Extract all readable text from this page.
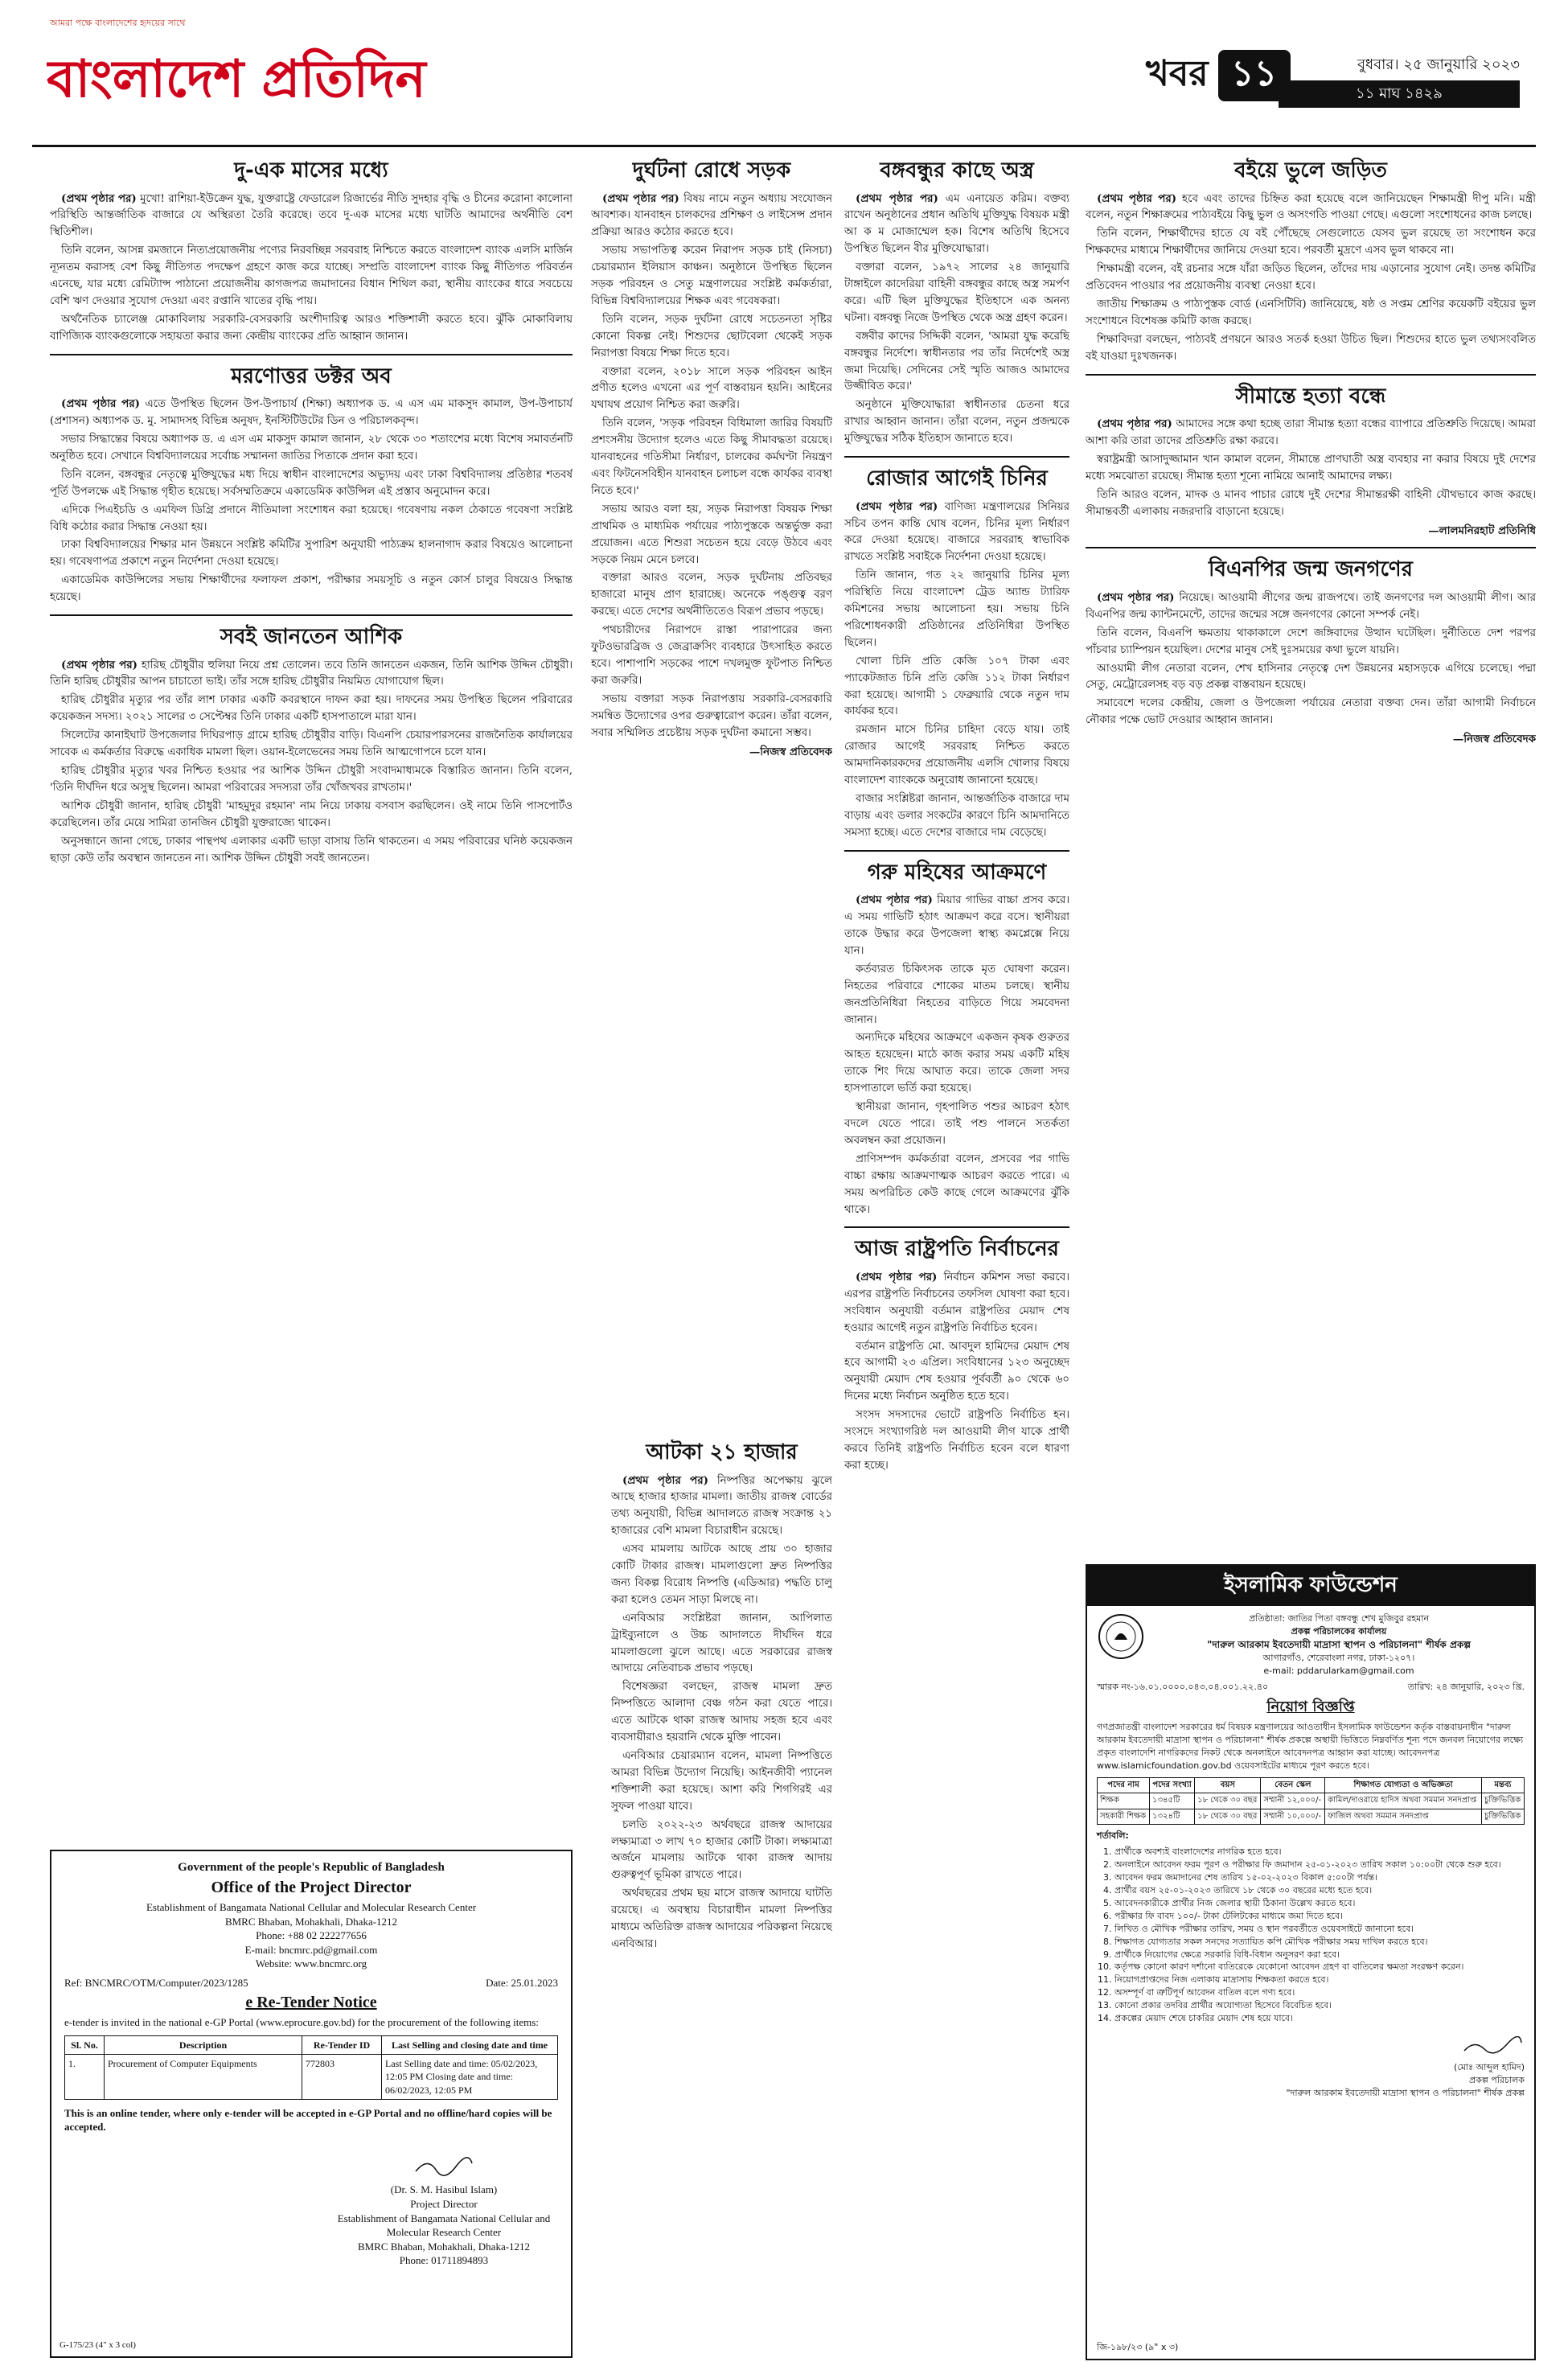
আমরা পক্ষে বাংলাদেশের হৃদয়ের সাথে
বাংলাদেশ প্রতিদিন	খবর ১১	বুধবার। ২৫ জানুয়ারি ২০২৩
১১ মাঘ ১৪২৯
দু-এক মাসের মধ্যে

(প্রথম পৃষ্ঠার পর) মুখো! রাশিয়া-ইউক্রেন যুদ্ধ, যুক্তরাষ্ট্রে ফেডারেল রিজার্ভের নীতি সুদহার বৃদ্ধি ও চীনের করোনা কালোনা পরিস্থিতি আন্তর্জাতিক বাজারে যে অস্থিরতা তৈরি করেছে। তবে দু-এক মাসের মধ্যে ঘাটতি আমাদের অর্থনীতি বেশ স্থিতিশীল।

তিনি বলেন, আসন্ন রমজানে নিত্যপ্রয়োজনীয় পণ্যের নিরবচ্ছিন্ন সরবরাহ নিশ্চিতে করতে বাংলাদেশ ব্যাংক এলসি মার্জিন ন্যূনতম করাসহ বেশ কিছু নীতিগত পদক্ষেপ গ্রহণে কাজ করে যাচ্ছে। সম্প্রতি বাংলাদেশ ব্যাংক কিছু নীতিগত পরিবর্তন এনেছে, যার মধ্যে রেমিট্যান্স পাঠানো প্রয়োজনীয় কাগজপত্র জমাদানের বিধান শিথিল করা, স্থানীয় ব্যাংকের ধারে সবচেয়ে বেশি ঋণ দেওয়ার সুযোগ দেওয়া এবং রপ্তানি খাতের বৃদ্ধি পায়।

অর্থনৈতিক চ্যালেঞ্জ মোকাবিলায় সরকারি-বেসরকারি অংশীদারিত্ব আরও শক্তিশালী করতে হবে। ঝুঁকি মোকাবিলায় বাণিজ্যিক ব্যাংকগুলোকে সহায়তা করার জন্য কেন্দ্রীয় ব্যাংকের প্রতি আহ্বান জানান।

মরণোত্তর ডক্টর অব

(প্রথম পৃষ্ঠার পর) এতে উপস্থিত ছিলেন উপ-উপাচার্য (শিক্ষা) অধ্যাপক ড. এ এস এম মাকসুদ কামাল, উপ-উপাচার্য (প্রশাসন) অধ্যাপক ড. মু. সামাদসহ বিভিন্ন অনুষদ, ইনস্টিটিউটের ডিন ও পরিচালকবৃন্দ।

সভার সিদ্ধান্তের বিষয়ে অধ্যাপক ড. এ এস এম মাকসুদ কামাল জানান, ২৮ থেকে ৩০ শতাংশের মধ্যে বিশেষ সমাবর্তনটি অনুষ্ঠিত হবে। সেখানে বিশ্ববিদ্যালয়ের সর্বোচ্চ সম্মাননা জাতির পিতাকে প্রদান করা হবে।

তিনি বলেন, বঙ্গবন্ধুর নেতৃত্বে মুক্তিযুদ্ধের মধ্য দিয়ে স্বাধীন বাংলাদেশের অভ্যুদয় এবং ঢাকা বিশ্ববিদ্যালয় প্রতিষ্ঠার শতবর্ষ পূর্তি উপলক্ষে এই সিদ্ধান্ত গৃহীত হয়েছে। সর্বসম্মতিক্রমে একাডেমিক কাউন্সিল এই প্রস্তাব অনুমোদন করে।

এদিকে পিএইচডি ও এমফিল ডিগ্রি প্রদানে নীতিমালা সংশোধন করা হয়েছে। গবেষণায় নকল ঠেকাতে গবেষণা সংশ্লিষ্ট বিধি কঠোর করার সিদ্ধান্ত নেওয়া হয়।

ঢাকা বিশ্ববিদ্যালয়ের শিক্ষার মান উন্নয়নে সংশ্লিষ্ট কমিটির সুপারিশ অনুযায়ী পাঠ্যক্রম হালনাগাদ করার বিষয়েও আলোচনা হয়। গবেষণাপত্র প্রকাশে নতুন নির্দেশনা দেওয়া হয়েছে।

একাডেমিক কাউন্সিলের সভায় শিক্ষার্থীদের ফলাফল প্রকাশ, পরীক্ষার সময়সূচি ও নতুন কোর্স চালুর বিষয়েও সিদ্ধান্ত হয়েছে।

সবই জানতেন আশিক

(প্রথম পৃষ্ঠার পর) হারিছ চৌধুরীর হুলিয়া নিয়ে প্রশ্ন তোলেন। তবে তিনি জানতেন একজন, তিনি আশিক উদ্দিন চৌধুরী। তিনি হারিছ চৌধুরীর আপন চাচাতো ভাই। তাঁর সঙ্গে হারিছ চৌধুরীর নিয়মিত যোগাযোগ ছিল।

হারিছ চৌধুরীর মৃত্যুর পর তাঁর লাশ ঢাকার একটি কবরস্থানে দাফন করা হয়। দাফনের সময় উপস্থিত ছিলেন পরিবারের কয়েকজন সদস্য। ২০২১ সালের ৩ সেপ্টেম্বর তিনি ঢাকার একটি হাসপাতালে মারা যান।

সিলেটের কানাইঘাট উপজেলার দিঘিরপাড় গ্রামে হারিছ চৌধুরীর বাড়ি। বিএনপি চেয়ারপারসনের রাজনৈতিক কার্যালয়ের সাবেক এ কর্মকর্তার বিরুদ্ধে একাধিক মামলা ছিল। ওয়ান-ইলেভেনের সময় তিনি আত্মগোপনে চলে যান।

হারিছ চৌধুরীর মৃত্যুর খবর নিশ্চিত হওয়ার পর আশিক উদ্দিন চৌধুরী সংবাদমাধ্যমকে বিস্তারিত জানান। তিনি বলেন, 'তিনি দীর্ঘদিন ধরে অসুস্থ ছিলেন। আমরা পরিবারের সদস্যরা তাঁর খোঁজখবর রাখতাম।'

আশিক চৌধুরী জানান, হারিছ চৌধুরী 'মাহমুদুর রহমান' নাম নিয়ে ঢাকায় বসবাস করছিলেন। ওই নামে তিনি পাসপোর্টও করেছিলেন। তাঁর মেয়ে সামিরা তানজিন চৌধুরী যুক্তরাজ্যে থাকেন।

অনুসন্ধানে জানা গেছে, ঢাকার পান্থপথ এলাকার একটি ভাড়া বাসায় তিনি থাকতেন। এ সময় পরিবারের ঘনিষ্ঠ কয়েকজন ছাড়া কেউ তাঁর অবস্থান জানতেন না। আশিক উদ্দিন চৌধুরী সবই জানতেন।

দুর্ঘটনা রোধে সড়ক

(প্রথম পৃষ্ঠার পর) বিষয় নামে নতুন অধ্যায় সংযোজন আবশ্যক। যানবাহন চালকদের প্রশিক্ষণ ও লাইসেন্স প্রদান প্রক্রিয়া আরও কঠোর করতে হবে।

সভায় সভাপতিত্ব করেন নিরাপদ সড়ক চাই (নিসচা) চেয়ারম্যান ইলিয়াস কাঞ্চন। অনুষ্ঠানে উপস্থিত ছিলেন সড়ক পরিবহন ও সেতু মন্ত্রণালয়ের সংশ্লিষ্ট কর্মকর্তারা, বিভিন্ন বিশ্ববিদ্যালয়ের শিক্ষক এবং গবেষকরা।

তিনি বলেন, সড়ক দুর্ঘটনা রোধে সচেতনতা সৃষ্টির কোনো বিকল্প নেই। শিশুদের ছোটবেলা থেকেই সড়ক নিরাপত্তা বিষয়ে শিক্ষা দিতে হবে।

বক্তারা বলেন, ২০১৮ সালে সড়ক পরিবহন আইন প্রণীত হলেও এখনো এর পূর্ণ বাস্তবায়ন হয়নি। আইনের যথাযথ প্রয়োগ নিশ্চিত করা জরুরি।

তিনি বলেন, 'সড়ক পরিবহন বিধিমালা জারির বিষয়টি প্রশংসনীয় উদ্যোগ হলেও এতে কিছু সীমাবদ্ধতা রয়েছে। যানবাহনের গতিসীমা নির্ধারণ, চালকের কর্মঘণ্টা নিয়ন্ত্রণ এবং ফিটনেসবিহীন যানবাহন চলাচল বন্ধে কার্যকর ব্যবস্থা নিতে হবে।'

সভায় আরও বলা হয়, সড়ক নিরাপত্তা বিষয়ক শিক্ষা প্রাথমিক ও মাধ্যমিক পর্যায়ের পাঠ্যপুস্তকে অন্তর্ভুক্ত করা প্রয়োজন। এতে শিশুরা সচেতন হয়ে বেড়ে উঠবে এবং সড়কে নিয়ম মেনে চলবে।

বক্তারা আরও বলেন, সড়ক দুর্ঘটনায় প্রতিবছর হাজারো মানুষ প্রাণ হারাচ্ছে। অনেকে পঙ্গুত্ব বরণ করছে। এতে দেশের অর্থনীতিতেও বিরূপ প্রভাব পড়ছে।

পথচারীদের নিরাপদে রাস্তা পারাপারের জন্য ফুটওভারব্রিজ ও জেব্রাক্রসিং ব্যবহারে উৎসাহিত করতে হবে। পাশাপাশি সড়কের পাশে দখলমুক্ত ফুটপাত নিশ্চিত করা জরুরি।

সভায় বক্তারা সড়ক নিরাপত্তায় সরকারি-বেসরকারি সমন্বিত উদ্যোগের ওপর গুরুত্বারোপ করেন। তাঁরা বলেন, সবার সম্মিলিত প্রচেষ্টায় সড়ক দুর্ঘটনা কমানো সম্ভব।

—নিজস্ব প্রতিবেদক

আটকা ২১ হাজার

(প্রথম পৃষ্ঠার পর) নিষ্পত্তির অপেক্ষায় ঝুলে আছে হাজার হাজার মামলা। জাতীয় রাজস্ব বোর্ডের তথ্য অনুযায়ী, বিভিন্ন আদালতে রাজস্ব সংক্রান্ত ২১ হাজারের বেশি মামলা বিচারাধীন রয়েছে।

এসব মামলায় আটকে আছে প্রায় ৩০ হাজার কোটি টাকার রাজস্ব। মামলাগুলো দ্রুত নিষ্পত্তির জন্য বিকল্প বিরোধ নিষ্পত্তি (এডিআর) পদ্ধতি চালু করা হলেও তেমন সাড়া মিলছে না।

এনবিআর সংশ্লিষ্টরা জানান, আপিলাত ট্রাইব্যুনালে ও উচ্চ আদালতে দীর্ঘদিন ধরে মামলাগুলো ঝুলে আছে। এতে সরকারের রাজস্ব আদায়ে নেতিবাচক প্রভাব পড়ছে।

বিশেষজ্ঞরা বলছেন, রাজস্ব মামলা দ্রুত নিষ্পত্তিতে আলাদা বেঞ্চ গঠন করা যেতে পারে। এতে আটকে থাকা রাজস্ব আদায় সহজ হবে এবং ব্যবসায়ীরাও হয়রানি থেকে মুক্তি পাবেন।

এনবিআর চেয়ারম্যান বলেন, মামলা নিষ্পত্তিতে আমরা বিভিন্ন উদ্যোগ নিয়েছি। আইনজীবী প্যানেল শক্তিশালী করা হয়েছে। আশা করি শিগগিরই এর সুফল পাওয়া যাবে।

চলতি ২০২২-২৩ অর্থবছরে রাজস্ব আদায়ের লক্ষ্যমাত্রা ৩ লাখ ৭০ হাজার কোটি টাকা। লক্ষ্যমাত্রা অর্জনে মামলায় আটকে থাকা রাজস্ব আদায় গুরুত্বপূর্ণ ভূমিকা রাখতে পারে।

অর্থবছরের প্রথম ছয় মাসে রাজস্ব আদায়ে ঘাটতি রয়েছে। এ অবস্থায় বিচারাধীন মামলা নিষ্পত্তির মাধ্যমে অতিরিক্ত রাজস্ব আদায়ের পরিকল্পনা নিয়েছে এনবিআর।

বঙ্গবন্ধুর কাছে অস্ত্র

(প্রথম পৃষ্ঠার পর) এম এনায়েত করিম। বক্তব্য রাখেন অনুষ্ঠানের প্রধান অতিথি মুক্তিযুদ্ধ বিষয়ক মন্ত্রী আ ক ম মোজাম্মেল হক। বিশেষ অতিথি হিসেবে উপস্থিত ছিলেন বীর মুক্তিযোদ্ধারা।

বক্তারা বলেন, ১৯৭২ সালের ২৪ জানুয়ারি টাঙ্গাইলে কাদেরিয়া বাহিনী বঙ্গবন্ধুর কাছে অস্ত্র সমর্পণ করে। এটি ছিল মুক্তিযুদ্ধের ইতিহাসে এক অনন্য ঘটনা। বঙ্গবন্ধু নিজে উপস্থিত থেকে অস্ত্র গ্রহণ করেন।

বঙ্গবীর কাদের সিদ্দিকী বলেন, 'আমরা যুদ্ধ করেছি বঙ্গবন্ধুর নির্দেশে। স্বাধীনতার পর তাঁর নির্দেশেই অস্ত্র জমা দিয়েছি। সেদিনের সেই স্মৃতি আজও আমাদের উজ্জীবিত করে।'

অনুষ্ঠানে মুক্তিযোদ্ধারা স্বাধীনতার চেতনা ধরে রাখার আহ্বান জানান। তাঁরা বলেন, নতুন প্রজন্মকে মুক্তিযুদ্ধের সঠিক ইতিহাস জানাতে হবে।

রোজার আগেই চিনির

(প্রথম পৃষ্ঠার পর) বাণিজ্য মন্ত্রণালয়ের সিনিয়র সচিব তপন কান্তি ঘোষ বলেন, চিনির মূল্য নির্ধারণ করে দেওয়া হয়েছে। বাজারে সরবরাহ স্বাভাবিক রাখতে সংশ্লিষ্ট সবাইকে নির্দেশনা দেওয়া হয়েছে।

তিনি জানান, গত ২২ জানুয়ারি চিনির মূল্য পরিস্থিতি নিয়ে বাংলাদেশ ট্রেড অ্যান্ড ট্যারিফ কমিশনের সভায় আলোচনা হয়। সভায় চিনি পরিশোধনকারী প্রতিষ্ঠানের প্রতিনিধিরা উপস্থিত ছিলেন।

খোলা চিনি প্রতি কেজি ১০৭ টাকা এবং প্যাকেটজাত চিনি প্রতি কেজি ১১২ টাকা নির্ধারণ করা হয়েছে। আগামী ১ ফেব্রুয়ারি থেকে নতুন দাম কার্যকর হবে।

রমজান মাসে চিনির চাহিদা বেড়ে যায়। তাই রোজার আগেই সরবরাহ নিশ্চিত করতে আমদানিকারকদের প্রয়োজনীয় এলসি খোলার বিষয়ে বাংলাদেশ ব্যাংককে অনুরোধ জানানো হয়েছে।

বাজার সংশ্লিষ্টরা জানান, আন্তর্জাতিক বাজারে দাম বাড়ায় এবং ডলার সংকটের কারণে চিনি আমদানিতে সমস্যা হচ্ছে। এতে দেশের বাজারে দাম বেড়েছে।

গরু মহিষের আক্রমণে

(প্রথম পৃষ্ঠার পর) মিয়ার গাভির বাচ্চা প্রসব করে। এ সময় গাভিটি হঠাৎ আক্রমণ করে বসে। স্থানীয়রা তাকে উদ্ধার করে উপজেলা স্বাস্থ্য কমপ্লেক্সে নিয়ে যান।

কর্তব্যরত চিকিৎসক তাকে মৃত ঘোষণা করেন। নিহতের পরিবারে শোকের মাতম চলছে। স্থানীয় জনপ্রতিনিধিরা নিহতের বাড়িতে গিয়ে সমবেদনা জানান।

অন্যদিকে মহিষের আক্রমণে একজন কৃষক গুরুতর আহত হয়েছেন। মাঠে কাজ করার সময় একটি মহিষ তাকে শিং দিয়ে আঘাত করে। তাকে জেলা সদর হাসপাতালে ভর্তি করা হয়েছে।

স্থানীয়রা জানান, গৃহপালিত পশুর আচরণ হঠাৎ বদলে যেতে পারে। তাই পশু পালনে সতর্কতা অবলম্বন করা প্রয়োজন।

প্রাণিসম্পদ কর্মকর্তারা বলেন, প্রসবের পর গাভি বাচ্চা রক্ষায় আক্রমণাত্মক আচরণ করতে পারে। এ সময় অপরিচিত কেউ কাছে গেলে আক্রমণের ঝুঁকি থাকে।

আজ রাষ্ট্রপতি নির্বাচনের

(প্রথম পৃষ্ঠার পর) নির্বাচন কমিশন সভা করবে। এরপর রাষ্ট্রপতি নির্বাচনের তফসিল ঘোষণা করা হবে। সংবিধান অনুযায়ী বর্তমান রাষ্ট্রপতির মেয়াদ শেষ হওয়ার আগেই নতুন রাষ্ট্রপতি নির্বাচিত হবেন।

বর্তমান রাষ্ট্রপতি মো. আবদুল হামিদের মেয়াদ শেষ হবে আগামী ২৩ এপ্রিল। সংবিধানের ১২৩ অনুচ্ছেদ অনুযায়ী মেয়াদ শেষ হওয়ার পূর্ববর্তী ৯০ থেকে ৬০ দিনের মধ্যে নির্বাচন অনুষ্ঠিত হতে হবে।

সংসদ সদস্যদের ভোটে রাষ্ট্রপতি নির্বাচিত হন। সংসদে সংখ্যাগরিষ্ঠ দল আওয়ামী লীগ যাকে প্রার্থী করবে তিনিই রাষ্ট্রপতি নির্বাচিত হবেন বলে ধারণা করা হচ্ছে।

বইয়ে ভুলে জড়িত

(প্রথম পৃষ্ঠার পর) হবে এবং তাদের চিহ্নিত করা হয়েছে বলে জানিয়েছেন শিক্ষামন্ত্রী দীপু মনি। মন্ত্রী বলেন, নতুন শিক্ষাক্রমের পাঠ্যবইয়ে কিছু ভুল ও অসংগতি পাওয়া গেছে। এগুলো সংশোধনের কাজ চলছে।

তিনি বলেন, শিক্ষার্থীদের হাতে যে বই পৌঁছেছে সেগুলোতে যেসব ভুল রয়েছে তা সংশোধন করে শিক্ষকদের মাধ্যমে শিক্ষার্থীদের জানিয়ে দেওয়া হবে। পরবর্তী মুদ্রণে এসব ভুল থাকবে না।

শিক্ষামন্ত্রী বলেন, বই রচনার সঙ্গে যাঁরা জড়িত ছিলেন, তাঁদের দায় এড়ানোর সুযোগ নেই। তদন্ত কমিটির প্রতিবেদন পাওয়ার পর প্রয়োজনীয় ব্যবস্থা নেওয়া হবে।

জাতীয় শিক্ষাক্রম ও পাঠ্যপুস্তক বোর্ড (এনসিটিবি) জানিয়েছে, ষষ্ঠ ও সপ্তম শ্রেণির কয়েকটি বইয়ের ভুল সংশোধনে বিশেষজ্ঞ কমিটি কাজ করছে।

শিক্ষাবিদরা বলছেন, পাঠ্যবই প্রণয়নে আরও সতর্ক হওয়া উচিত ছিল। শিশুদের হাতে ভুল তথ্যসংবলিত বই যাওয়া দুঃখজনক।

সীমান্তে হত্যা বন্ধে

(প্রথম পৃষ্ঠার পর) আমাদের সঙ্গে কথা হচ্ছে তারা সীমান্ত হত্যা বন্ধের ব্যাপারে প্রতিশ্রুতি দিয়েছে। আমরা আশা করি তারা তাদের প্রতিশ্রুতি রক্ষা করবে।

স্বরাষ্ট্রমন্ত্রী আসাদুজ্জামান খান কামাল বলেন, সীমান্তে প্রাণঘাতী অস্ত্র ব্যবহার না করার বিষয়ে দুই দেশের মধ্যে সমঝোতা রয়েছে। সীমান্ত হত্যা শূন্যে নামিয়ে আনাই আমাদের লক্ষ্য।

তিনি আরও বলেন, মাদক ও মানব পাচার রোধে দুই দেশের সীমান্তরক্ষী বাহিনী যৌথভাবে কাজ করছে। সীমান্তবর্তী এলাকায় নজরদারি বাড়ানো হয়েছে।

—লালমনিরহাট প্রতিনিধি

বিএনপির জন্ম জনগণের

(প্রথম পৃষ্ঠার পর) নিয়েছে। আওয়ামী লীগের জন্ম রাজপথে। তাই জনগণের দল আওয়ামী লীগ। আর বিএনপির জন্ম ক্যান্টনমেন্টে, তাদের জন্মের সঙ্গে জনগণের কোনো সম্পর্ক নেই।

তিনি বলেন, বিএনপি ক্ষমতায় থাকাকালে দেশে জঙ্গিবাদের উত্থান ঘটেছিল। দুর্নীতিতে দেশ পরপর পাঁচবার চ্যাম্পিয়ন হয়েছিল। দেশের মানুষ সেই দুঃসময়ের কথা ভুলে যায়নি।

আওয়ামী লীগ নেতারা বলেন, শেখ হাসিনার নেতৃত্বে দেশ উন্নয়নের মহাসড়কে এগিয়ে চলেছে। পদ্মা সেতু, মেট্রোরেলসহ বড় বড় প্রকল্প বাস্তবায়ন হয়েছে।

সমাবেশে দলের কেন্দ্রীয়, জেলা ও উপজেলা পর্যায়ের নেতারা বক্তব্য দেন। তাঁরা আগামী নির্বাচনে নৌকার পক্ষে ভোট দেওয়ার আহ্বান জানান।

—নিজস্ব প্রতিবেদক

Government of the people's Republic of Bangladesh
Office of the Project Director
Establishment of Bangamata National Cellular and Molecular Research Center
BMRC Bhaban, Mohakhali, Dhaka-1212
Phone: +88 02 222277656
E-mail: bncmrc.pd@gmail.com
Website: www.bncmrc.org
Ref: BNCMRC/OTM/Computer/2023/1285	Date: 25.01.2023
e Re-Tender Notice
e-tender is invited in the national e-GP Portal (www.eprocure.gov.bd) for the procurement of the following items:
Sl. No.	Description	Re-Tender ID	Last Selling and closing date and time
1.	Procurement of Computer Equipments	772803	Last Selling date and time: 05/02/2023, 12:05 PM Closing date and time: 06/02/2023, 12:05 PM
This is an online tender, where only e-tender will be accepted in e-GP Portal and no offline/hard copies will be accepted.
(Dr. S. M. Hasibul Islam)
Project Director
Establishment of Bangamata National Cellular and Molecular Research Center
BMRC Bhaban, Mohakhali, Dhaka-1212
Phone: 01711894893
G-175/23 (4" x 3 col)
ইসলামিক ফাউন্ডেশন
প্রতিষ্ঠাতা: জাতির পিতা বঙ্গবন্ধু শেখ মুজিবুর রহমান
প্রকল্প পরিচালকের কার্যালয়
"দারুল আরকাম ইবতেদায়ী মাদ্রাসা স্থাপন ও পরিচালনা" শীর্ষক প্রকল্প
আগারগাঁও, শেরেবাংলা নগর, ঢাকা-১২০৭।
e-mail: pddarularkam@gmail.com
স্মারক নং-১৬.০১.০০০০.০৪৩.০৪.০০১.২২.৪০	তারিখ: ২৪ জানুয়ারি, ২০২৩ খ্রি.
নিয়োগ বিজ্ঞপ্তি
গণপ্রজাতন্ত্রী বাংলাদেশ সরকারের ধর্ম বিষয়ক মন্ত্রণালয়ের আওতাধীন ইসলামিক ফাউন্ডেশন কর্তৃক বাস্তবায়নাধীন "দারুল আরকাম ইবতেদায়ী মাদ্রাসা স্থাপন ও পরিচালনা" শীর্ষক প্রকল্পে অস্থায়ী ভিত্তিতে নিম্নবর্ণিত শূন্য পদে জনবল নিয়োগের লক্ষ্যে প্রকৃত বাংলাদেশি নাগরিকদের নিকট থেকে অনলাইনে আবেদনপত্র আহ্বান করা যাচ্ছে। আবেদনপত্র www.islamicfoundation.gov.bd ওয়েবসাইটের মাধ্যমে পূরণ করতে হবে।
পদের নাম	পদের সংখ্যা	বয়স	বেতন স্কেল	শিক্ষাগত যোগ্যতা ও অভিজ্ঞতা	মন্তব্য
শিক্ষক	১৩৪৫টি	১৮ থেকে ৩০ বছর	সম্মানী ১২,০০০/-	কামিল/দাওরায়ে হাদিস অথবা সমমান সনদপ্রাপ্ত	চুক্তিভিত্তিক
সহকারী শিক্ষক	১৩২৪টি	১৮ থেকে ৩০ বছর	সম্মানী ১০,০০০/-	ফাজিল অথবা সমমান সনদপ্রাপ্ত	চুক্তিভিত্তিক
শর্তাবলি:
1. প্রার্থীকে অবশ্যই বাংলাদেশের নাগরিক হতে হবে।
2. অনলাইনে আবেদন ফরম পূরণ ও পরীক্ষার ফি জমাদান ২৫-০১-২০২৩ তারিখ সকাল ১০:০০টা থেকে শুরু হবে।
3. আবেদন ফরম জমাদানের শেষ তারিখ ১৫-০২-২০২৩ বিকাল ৫:০০টা পর্যন্ত।
4. প্রার্থীর বয়স ২৫-০১-২০২৩ তারিখে ১৮ থেকে ৩০ বছরের মধ্যে হতে হবে।
5. আবেদনকারীকে প্রার্থীর নিজ জেলার স্থায়ী ঠিকানা উল্লেখ করতে হবে।
6. পরীক্ষার ফি বাবদ ১০০/- টাকা টেলিটকের মাধ্যমে জমা দিতে হবে।
7. লিখিত ও মৌখিক পরীক্ষার তারিখ, সময় ও স্থান পরবর্তীতে ওয়েবসাইটে জানানো হবে।
8. শিক্ষাগত যোগ্যতার সকল সনদের সত্যায়িত কপি মৌখিক পরীক্ষার সময় দাখিল করতে হবে।
9. প্রার্থীকে নিয়োগের ক্ষেত্রে সরকারি বিধি-বিধান অনুসরণ করা হবে।
10. কর্তৃপক্ষ কোনো কারণ দর্শানো ব্যতিরেকে যেকোনো আবেদন গ্রহণ বা বাতিলের ক্ষমতা সংরক্ষণ করেন।
11. নিয়োগপ্রাপ্তদের নিজ এলাকায় মাদ্রাসায় শিক্ষকতা করতে হবে।
12. অসম্পূর্ণ বা ত্রুটিপূর্ণ আবেদন বাতিল বলে গণ্য হবে।
13. কোনো প্রকার তদবির প্রার্থীর অযোগ্যতা হিসেবে বিবেচিত হবে।
14. প্রকল্পের মেয়াদ শেষে চাকরির মেয়াদ শেষ হয়ে যাবে।
(মোঃ আব্দুল হামিদ)
প্রকল্প পরিচালক
"দারুল আরকাম ইবতেদায়ী মাদ্রাসা স্থাপন ও পরিচালনা" শীর্ষক প্রকল্প
জি-১৯৮/২৩ (৯" x ৩)
